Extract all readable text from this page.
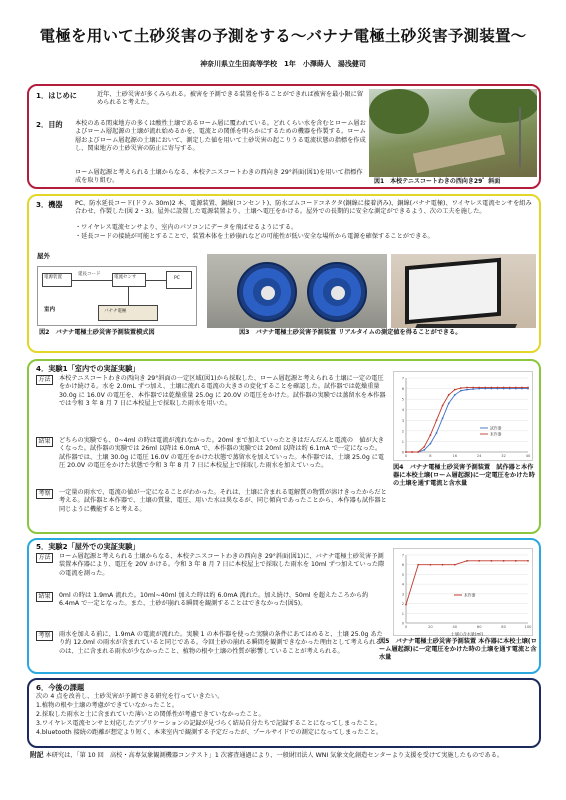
電極を用いて土砂災害の予測をする～バナナ電極土砂災害予測装置～
神奈川県立生田高等学校　1年　小澤蒔人　湯浅健司
1．はじめに	近年、土砂災害が多くみられる。被害を予測できる装置を作ることができれば被害を最小限に留められると考えた。
2．目的 本校のある関東地方の多くは酸性土壌であるローム層に覆われている。どれくらい水を含むとローム層およびローム層起源の土壌が流れ始めるかを、電流との関係を明らかにするための機器を作製する。ローム層およびローム層起源の土壌において、測定した値を用いて土砂災害の起こりうる電流状態の指標を作成し、関東地方の土砂災害の防止に寄与する。
ローム層起源と考えられる土壌からなる、本校テニスコートわきの西向き 29°斜面(図1)を用いて指標作成を取り組む。	図1　本校テニスコートわきの西向き29゜斜面
3．機器 PC、防水延長コード(ドラム 30m)2 本、電源装置、銅線(コンセント)、防水ゴムコードコネクタ(銅線に接着済み)、銅線(バナナ電極)、ワイヤレス電流センサを組み合わせ、作製した(図 2・3)。屋外に設置した電源装置より、土壌へ電圧をかける。屋外での長期的に安全な測定ができるよう、次の工夫を施した。
・ワイヤレス電流センサより、室内のパソコンにデータを飛ばせるようにする。
・延長コードの接続が可能とすることで、装置本体を土砂崩れなどの可能性が低い安全な場所から電源を確保することができる。
屋外
電源装置
延長コード
電流センサ	PC
バナナ電極
室内
図2　バナナ電極土砂災害予測装置模式図	図3　バナナ電極土砂災害予測装置 リアルタイムの測定値を得ることができる。
4．実験1「室内での実証実験」
方法	本校テニスコートわきの西向き 29°斜面の一定区域(図1)から採取した、ローム層起源と考えられる土壌に一定の電圧をかけ続ける。水を 2.0mL ずつ加え、土壌に流れる電流の大きさの変化することを確認した。試作器では乾燥重量 30.0g に 16.0V の電圧を、本作器では乾燥重量 25.0g に 20.0V の電圧をかけた。試作器の実験では蒸留水を本作器では令和 3 年 8 月 7 日に本校屋上で採取した雨水を用いた。
結果	どちらの実験でも、0~4ml の時は電流が流れなかった。20ml まで加えていったときはだんだんと電流の　値が大きくなった。試作器の実験では 26ml 以降は 6.0mA で、本作器の実験では 20ml 以降は約 6.1mA で一定になった。試作器では、土壌 30.0g に電圧 16.0V の電圧をかけた状態で蒸留水を加えていった。本作器では、土壌 25.0g に電圧 20.0V の電圧をかけた状態で令和 3 年 8 月 7 日に本校屋上で採取した雨水を加えていった。
考察	一定量の雨水で、電流の値が一定になることがわかった。それは、土壌に含まれる電解質の物質が溶けきったからだと考える。試作器と本作器で、土壌の質量、電圧、用いた水は異なるが、同じ傾向であったことから、本作器も試作器と同じように機能すると考える。
0
1
2
3
4
5
6
7
0	8	16	24	32	40
試作器
本作器
図4　バナナ電極土砂災害予測装置　試作器と本作器に本校土壌(ローム層起源)に一定電圧をかけた時の土壌を通す電流と含水量
5．実験2「屋外での実証実験」
方法	ローム層起源と考えられる土壌からなる、本校テニスコートわきの西向き 29°斜面(図1)に、バナナ電極土砂災害予測装置本作器により、電圧を 20V かける。令和 3 年 8 月 7 日に本校屋上で採取した雨水を 10ml ずつ加えていった際の電流を測った。
結果	0ml の時は 1.9mA 流れた。10ml~40ml 加えた時は約 6.0mA 流れた。加え続け、50ml を超えたころから約 6.4mA で一定となった。また、土砂が崩れる瞬間を観測することはできなかった(図5)。
考察	雨水を加える前に、1.9mA の電流が流れた。実験 1 の本作器を使った実験の条件にあてはめると、土壌 25.0g あたり約 12.0ml の雨水が含まれていると同じである。今回土砂の崩れる瞬間を観測できなかった理由として考えられるのは、土に含まれる雨水が少なかったこと、植物の根や土壌の性質が影響していることが考えられる。
0
1
2
3
4
5
6
7
0	20	40	60	80	100
土壌の含水量(ml)
本作器
図5　バナナ電極土砂災害予測装置 本作器に本校土壌(ローム層起源)に一定電圧をかけた時の土壌を通す電流と含水量
6．今後の課題
次の 4 点を改善し、土砂災害が予測できる研究を行っていきたい。
1.植物の根や土壌の考慮ができていなかったこと。
2.採取した雨水と土に含まれていた薄いとの関係性が考慮できていなかったこと。
3.ワイヤレス電流センサと対応したアプリケーションの記録が見づらく結局自分たちで記録することになってしまったこと。
4.bluetooth 接続の距離が想定より短く、本来室内で観測する予定だったが、プールサイドでの測定になってしまったこと。
附記 本研究は、「第 10 回　高校・高専気象観測機器コンテスト」1 次審査通過により、一般財団法人 WNI 気象文化創造センターより支援を受けて実施したものである。
